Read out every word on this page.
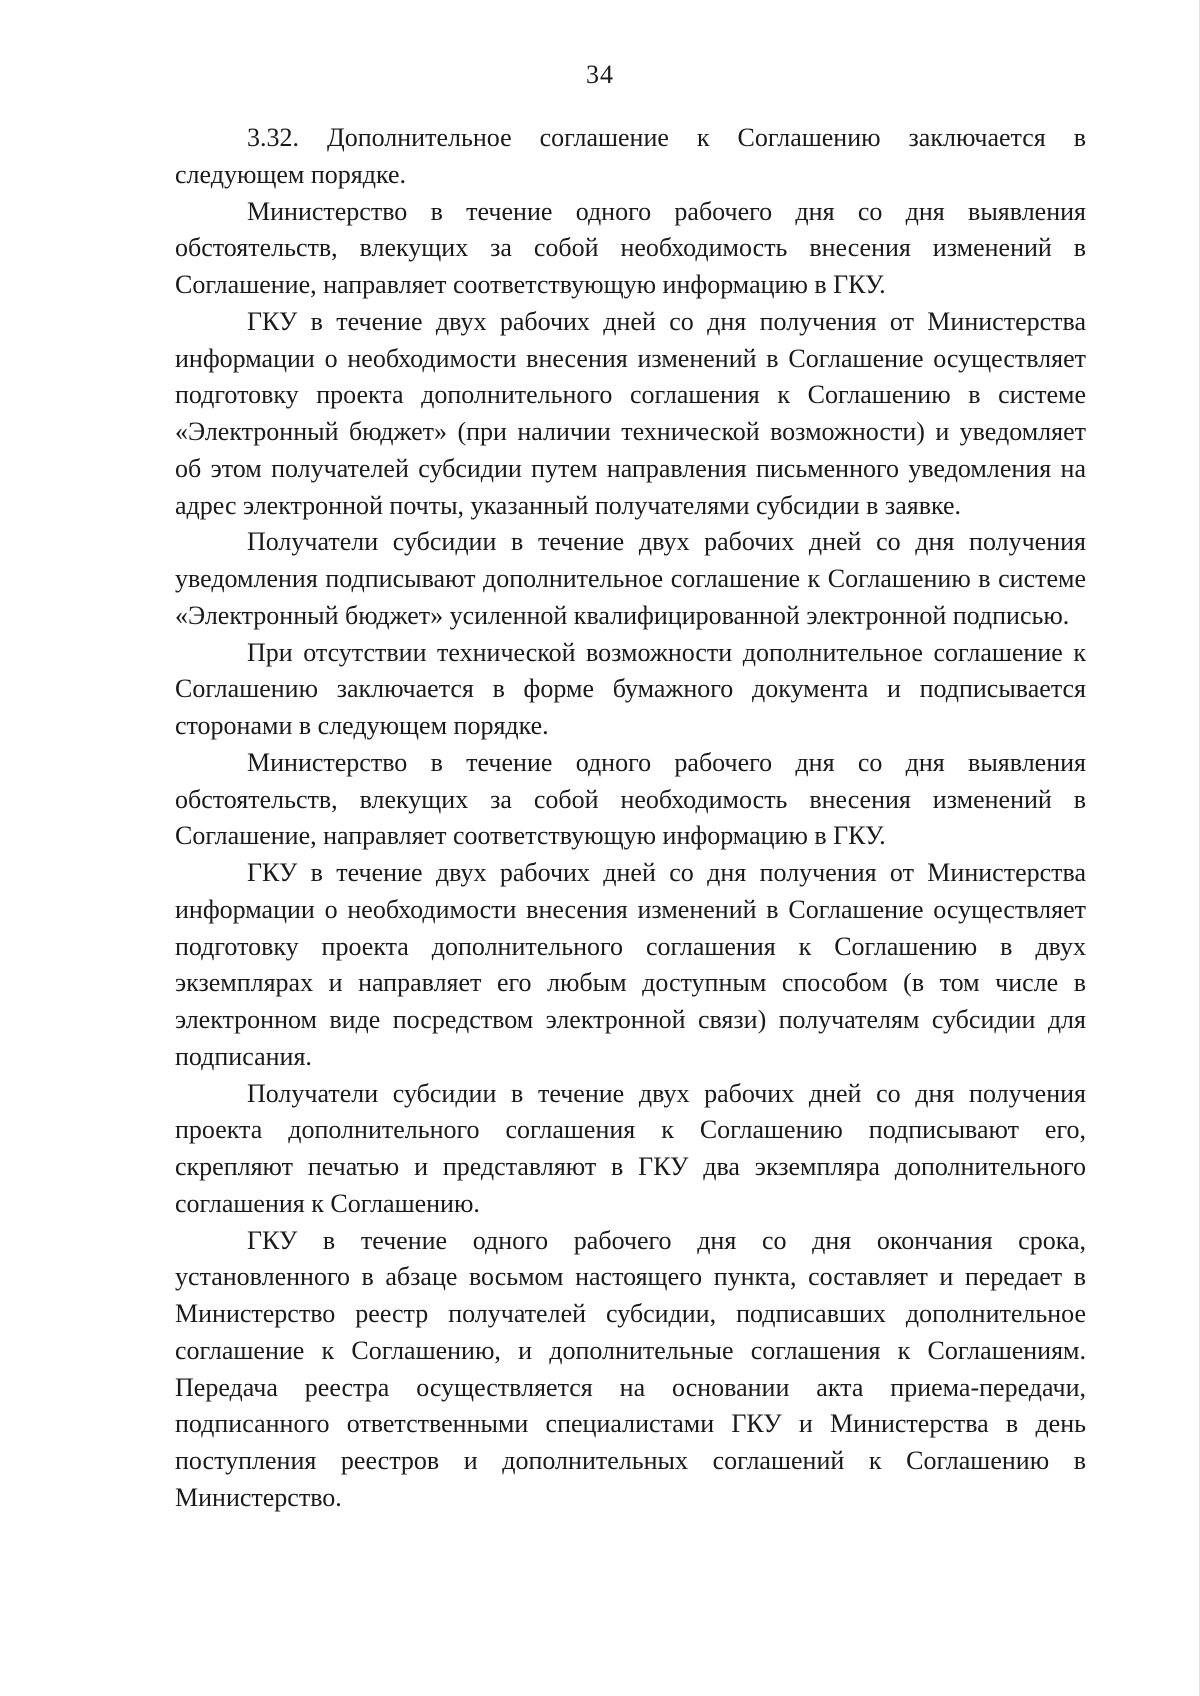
34

3.32. Дополнительное соглашение к Соглашению заключается в следующем порядке.

Министерство в течение одного рабочего дня со дня выявления обстоятельств, влекущих за собой необходимость внесения изменений в Соглашение, направляет соответствующую информацию в ГКУ.

ГКУ в течение двух рабочих дней со дня получения от Министерства информации о необходимости внесения изменений в Соглашение осуществляет подготовку проекта дополнительного соглашения к Соглашению в системе «Электронный бюджет» (при наличии технической возможности) и уведомляет об этом получателей субсидии путем направления письменного уведомления на адрес электронной почты, указанный получателями субсидии в заявке.

Получатели субсидии в течение двух рабочих дней со дня получения уведомления подписывают дополнительное соглашение к Соглашению в системе «Электронный бюджет» усиленной квалифицированной электронной подписью.

При отсутствии технической возможности дополнительное соглашение к Соглашению заключается в форме бумажного документа и подписывается сторонами в следующем порядке.

Министерство в течение одного рабочего дня со дня выявления обстоятельств, влекущих за собой необходимость внесения изменений в Соглашение, направляет соответствующую информацию в ГКУ.

ГКУ в течение двух рабочих дней со дня получения от Министерства информации о необходимости внесения изменений в Соглашение осуществляет подготовку проекта дополнительного соглашения к Соглашению в двух экземплярах и направляет его любым доступным способом (в том числе в электронном виде посредством электронной связи) получателям субсидии для подписания.

Получатели субсидии в течение двух рабочих дней со дня получения проекта дополнительного соглашения к Соглашению подписывают его, скрепляют печатью и представляют в ГКУ два экземпляра дополнительного соглашения к Соглашению.

ГКУ в течение одного рабочего дня со дня окончания срока, установленного в абзаце восьмом настоящего пункта, составляет и передает в Министерство реестр получателей субсидии, подписавших дополнительное соглашение к Соглашению, и дополнительные соглашения к Соглашениям. Передача реестра осуществляется на основании акта приема-передачи, подписанного ответственными специалистами ГКУ и Министерства в день поступления реестров и дополнительных соглашений к Соглашению в Министерство.
